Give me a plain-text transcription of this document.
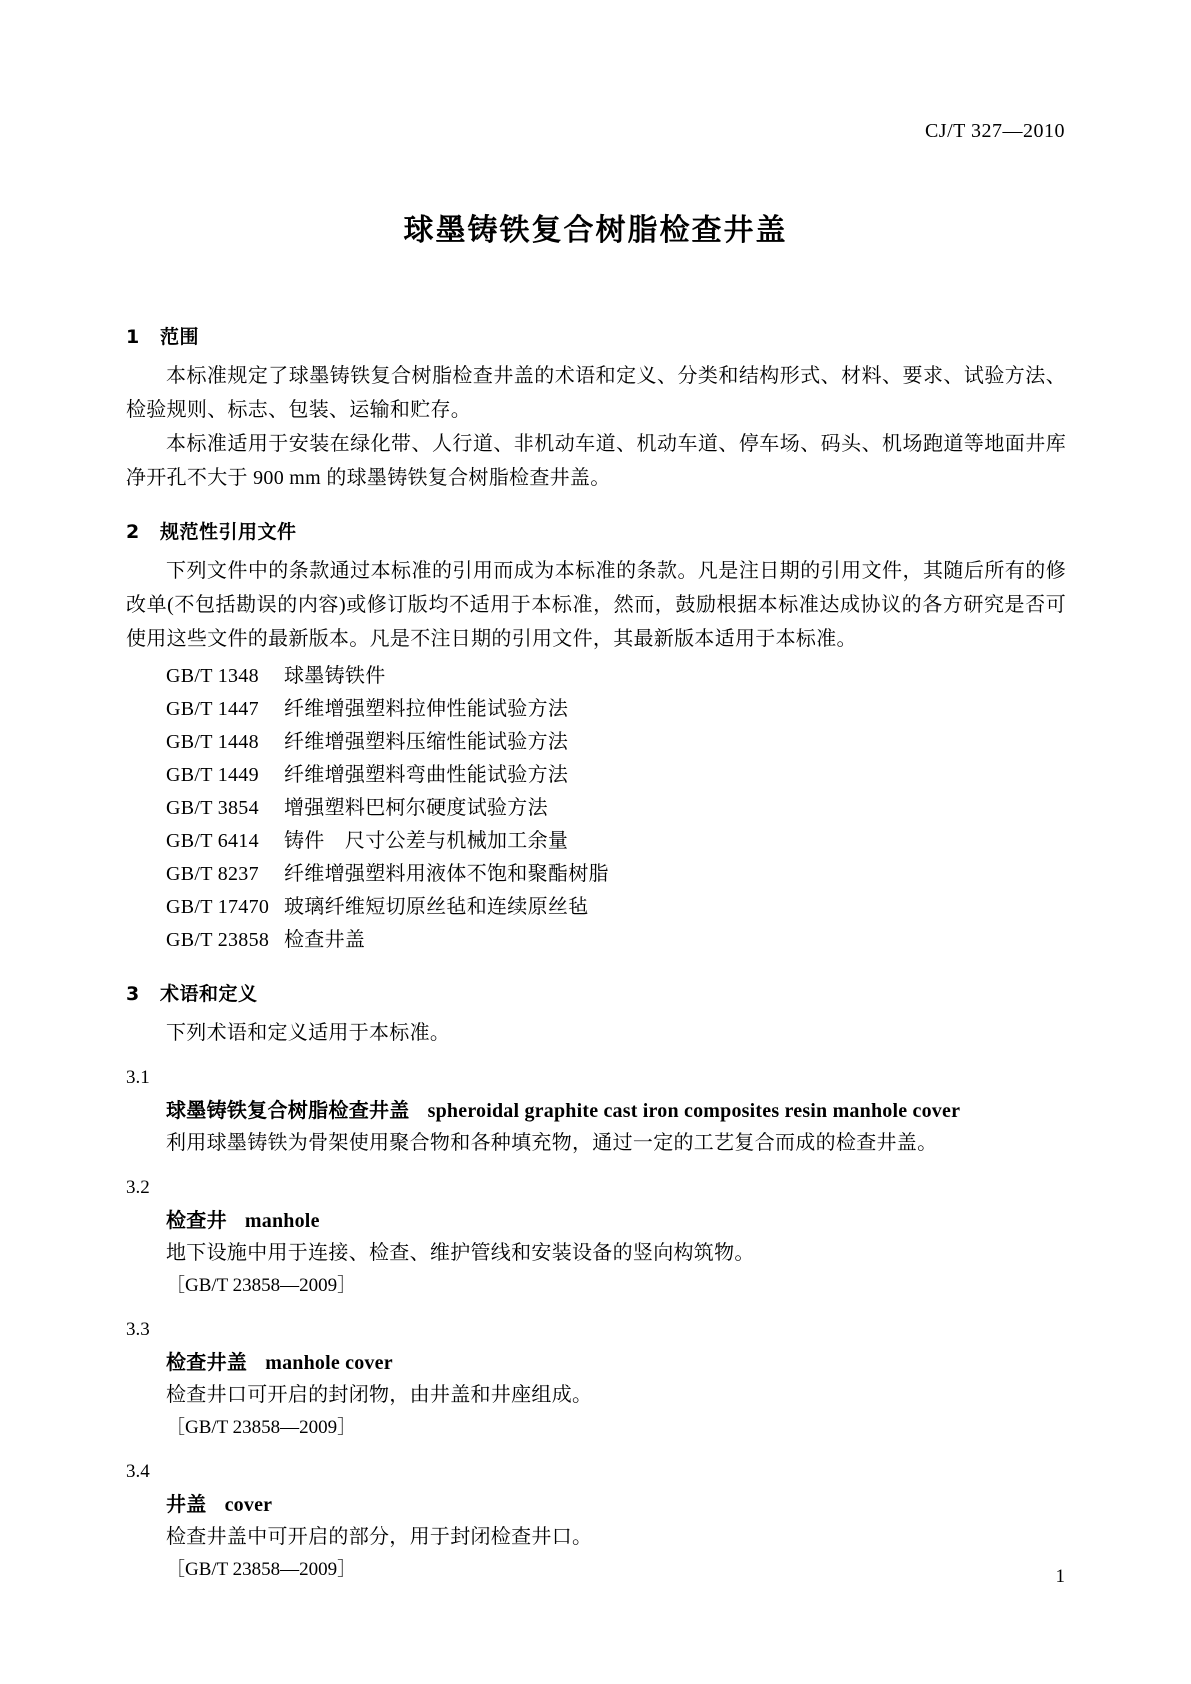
CJ/T 327—2010
球墨铸铁复合树脂检查井盖
1 范围

本标准规定了球墨铸铁复合树脂检查井盖的术语和定义、分类和结构形式、材料、要求、试验方法、检验规则、标志、包装、运输和贮存。

本标准适用于安装在绿化带、人行道、非机动车道、机动车道、停车场、码头、机场跑道等地面井库净开孔不大于 900 mm 的球墨铸铁复合树脂检查井盖。

2 规范性引用文件

下列文件中的条款通过本标准的引用而成为本标准的条款。凡是注日期的引用文件，其随后所有的修改单(不包括勘误的内容)或修订版均不适用于本标准，然而，鼓励根据本标准达成协议的各方研究是否可使用这些文件的最新版本。凡是不注日期的引用文件，其最新版本适用于本标准。

GB/T 1348 球墨铸铁件

GB/T 1447 纤维增强塑料拉伸性能试验方法

GB/T 1448 纤维增强塑料压缩性能试验方法

GB/T 1449 纤维增强塑料弯曲性能试验方法

GB/T 3854 增强塑料巴柯尔硬度试验方法

GB/T 6414 铸件　尺寸公差与机械加工余量

GB/T 8237 纤维增强塑料用液体不饱和聚酯树脂

GB/T 17470 玻璃纤维短切原丝毡和连续原丝毡

GB/T 23858 检查井盖

3 术语和定义

下列术语和定义适用于本标准。

3.1
球墨铸铁复合树脂检查井盖 spheroidal graphite cast iron composites resin manhole cover

利用球墨铸铁为骨架使用聚合物和各种填充物，通过一定的工艺复合而成的检查井盖。

3.2
检查井 manhole

地下设施中用于连接、检查、维护管线和安装设备的竖向构筑物。

［GB/T 23858—2009］

3.3
检查井盖 manhole cover

检查井口可开启的封闭物，由井盖和井座组成。

［GB/T 23858—2009］

3.4
井盖 cover

检查井盖中可开启的部分，用于封闭检查井口。

［GB/T 23858—2009］	1
